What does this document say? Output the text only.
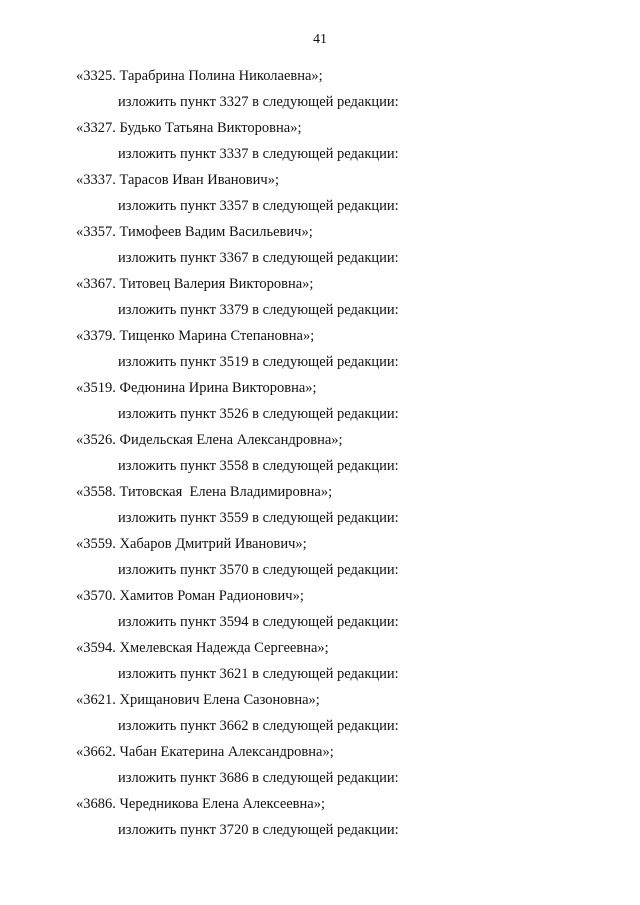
41
«3325. Тарабрина Полина Николаевна»;
изложить пункт 3327 в следующей редакции:
«3327. Будько Татьяна Викторовна»;
изложить пункт 3337 в следующей редакции:
«3337. Тарасов Иван Иванович»;
изложить пункт 3357 в следующей редакции:
«3357. Тимофеев Вадим Васильевич»;
изложить пункт 3367 в следующей редакции:
«3367. Титовец Валерия Викторовна»;
изложить пункт 3379 в следующей редакции:
«3379. Тищенко Марина Степановна»;
изложить пункт 3519 в следующей редакции:
«3519. Федюнина Ирина Викторовна»;
изложить пункт 3526 в следующей редакции:
«3526. Фидельская Елена Александровна»;
изложить пункт 3558 в следующей редакции:
«3558. Титовская  Елена Владимировна»;
изложить пункт 3559 в следующей редакции:
«3559. Хабаров Дмитрий Иванович»;
изложить пункт 3570 в следующей редакции:
«3570. Хамитов Роман Радионович»;
изложить пункт 3594 в следующей редакции:
«3594. Хмелевская Надежда Сергеевна»;
изложить пункт 3621 в следующей редакции:
«3621. Хрищанович Елена Сазоновна»;
изложить пункт 3662 в следующей редакции:
«3662. Чабан Екатерина Александровна»;
изложить пункт 3686 в следующей редакции:
«3686. Чередникова Елена Алексеевна»;
изложить пункт 3720 в следующей редакции:
